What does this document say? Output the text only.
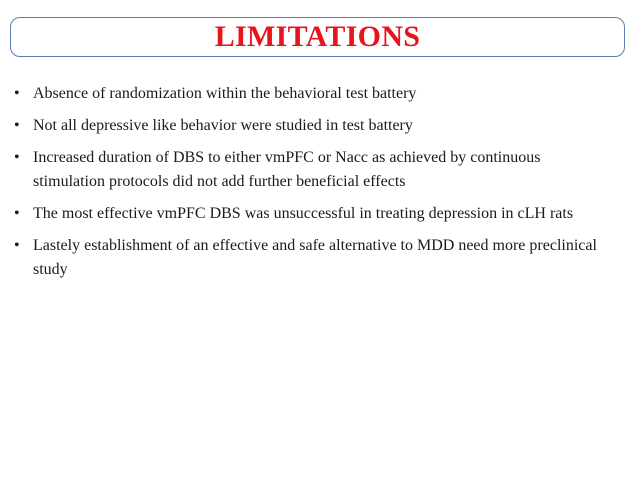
LIMITATIONS
• Absence of randomization within the behavioral test battery
• Not all depressive like behavior were studied in test battery
• Increased duration of DBS to either vmPFC or Nacc as achieved by continuous stimulation protocols did not add further beneficial effects
• The most effective vmPFC DBS was unsuccessful in treating depression in cLH rats
• Lastely establishment of an effective and safe alternative to MDD need more preclinical study
